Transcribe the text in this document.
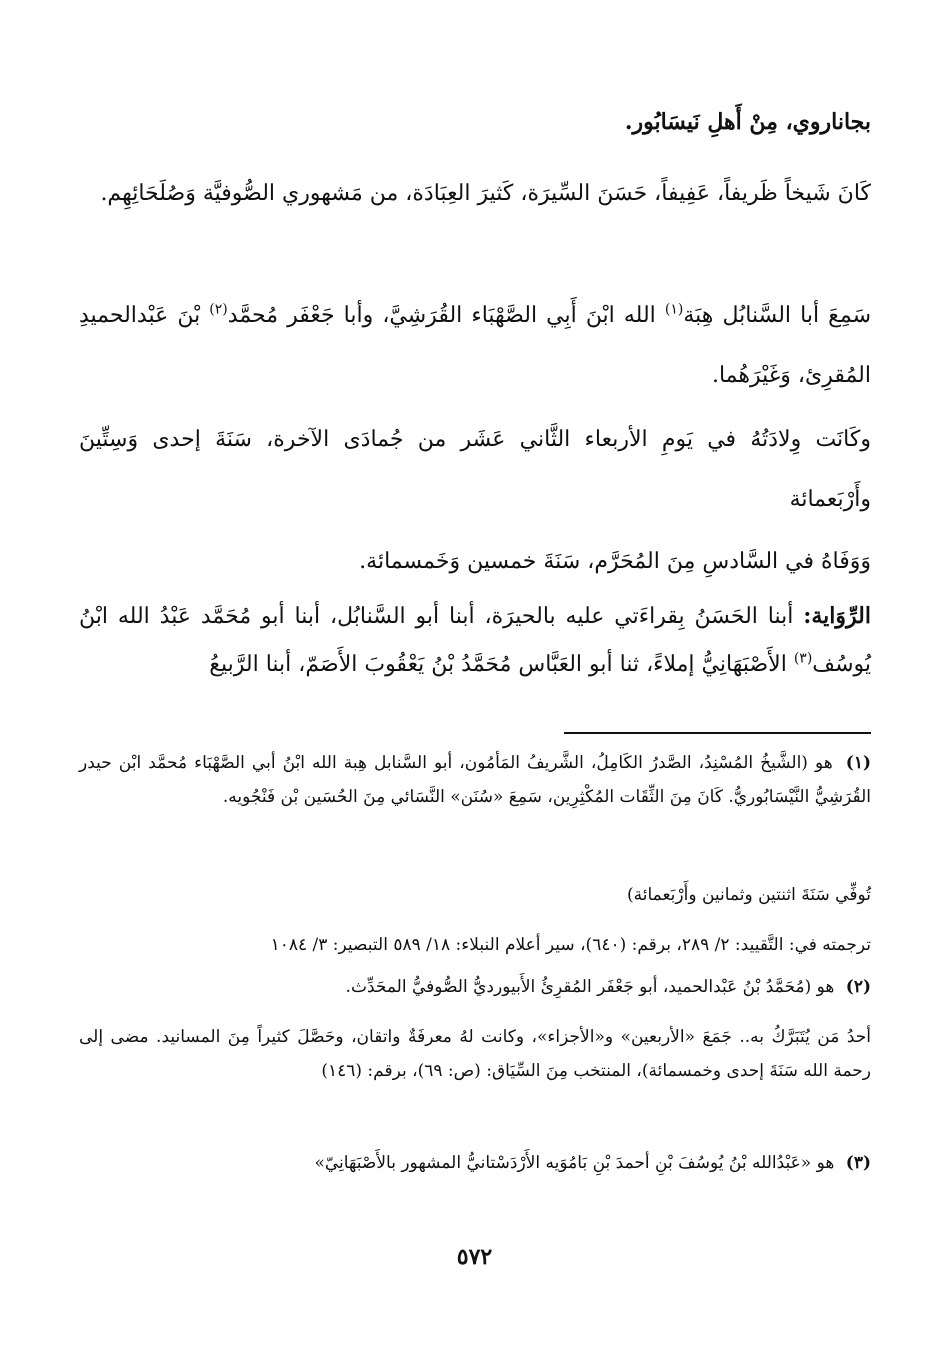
بجاناروي، مِنْ أَهلِ نَيسَابُور.

كَانَ شَيخاً ظَريفاً، عَفِيفاً، حَسَنَ السِّيرَة، كَثيرَ العِبَادَة، من مَشهوري الصُّوفيَّة وَصُلَحَائِهِم.

سَمِعَ أبا السَّنابُل هِبَة$^{(١)}$ الله ابْنَ أَبِي الصَّهْبَاء القُرَشِيَّ، وأبا جَعْفَر مُحمَّد$^{(٢)}$ بْنَ عَبْدالحميدِ المُقرِئ، وَغَيْرَهُما.

وكَانَت وِلادَتُهُ في يَومِ الأربعاء الثَّاني عَشَر من جُمادَى الآخرة، سَنَةَ إحدى وَسِتِّينَ وأَرْبَعمائة

وَوَفَاهُ في السَّادسِ مِنَ المُحَرَّم، سَنَةَ خمسين وَخَمسمائة.

الرِّوَاية: أبنا الحَسَنُ بِقراءَتي عليه بالحيرَة، أبنا أبو السَّنابُل، أبنا أبو مُحَمَّد عَبْدُ الله ابْنُ يُوسُف$^{(٣)}$ الأَصْبَهَانِيُّ إملاءً، ثنا أبو العَبَّاس مُحَمَّدُ بْنُ يَعْقُوبَ الأَصَمّ، أبنا الرَّبيعُ

(١) هو (الشَّيخُ المُسْنِدُ، الصَّدرُ الكَامِلُ، الشَّريفُ المَأمُون، أبو السَّنابل هِبة الله ابْنُ أبي الصَّهْبَاء مُحمَّد ابْن حيدر القُرَشِيُّ النَّيْسَابُوريُّ. كَانَ مِنَ الثِّقَات المُكْثِرِين، سَمِعَ «سُنَن» النَّسَائي مِنَ الحُسَين بْن فَنْجُويه.

تُوفِّي سَنَةَ اثنتين وثمانين وأَرْبَعمائة)

ترجمته في: التَّقييد: ٢/ ٢٨٩، برقم: (٦٤٠)، سير أعلام النبلاء: ١٨/ ٥٨٩ التبصير: ٣/ ١٠٨٤

(٢) هو (مُحَمَّدُ بْنُ عَبْدالحميد، أبو جَعْفَر المُقرِئُ الأَبيورديُّ الصُّوفيُّ المحَدِّث.

أحدُ مَن يُتَبَرَّكُ به.. جَمَعَ «الأربعين» و«الأجزاء»، وكانت لهُ معرفَةٌ واتقان، وحَصَّلَ كثيراً مِنَ المسانيد. مضى إلى رحمة الله سَنَةَ إحدى وخمسمائة)، المنتخب مِنَ السِّيَاق: (ص: ٦٩)، برقم: (١٤٦)

(٣) هو «عَبْدُالله بْنُ يُوسُفَ بْنِ أحمدَ بْنِ بَامُوَيه الأَرْدَسْتانيُّ المشهور بالأَصْبَهَانِيّ»

٥٧٢
